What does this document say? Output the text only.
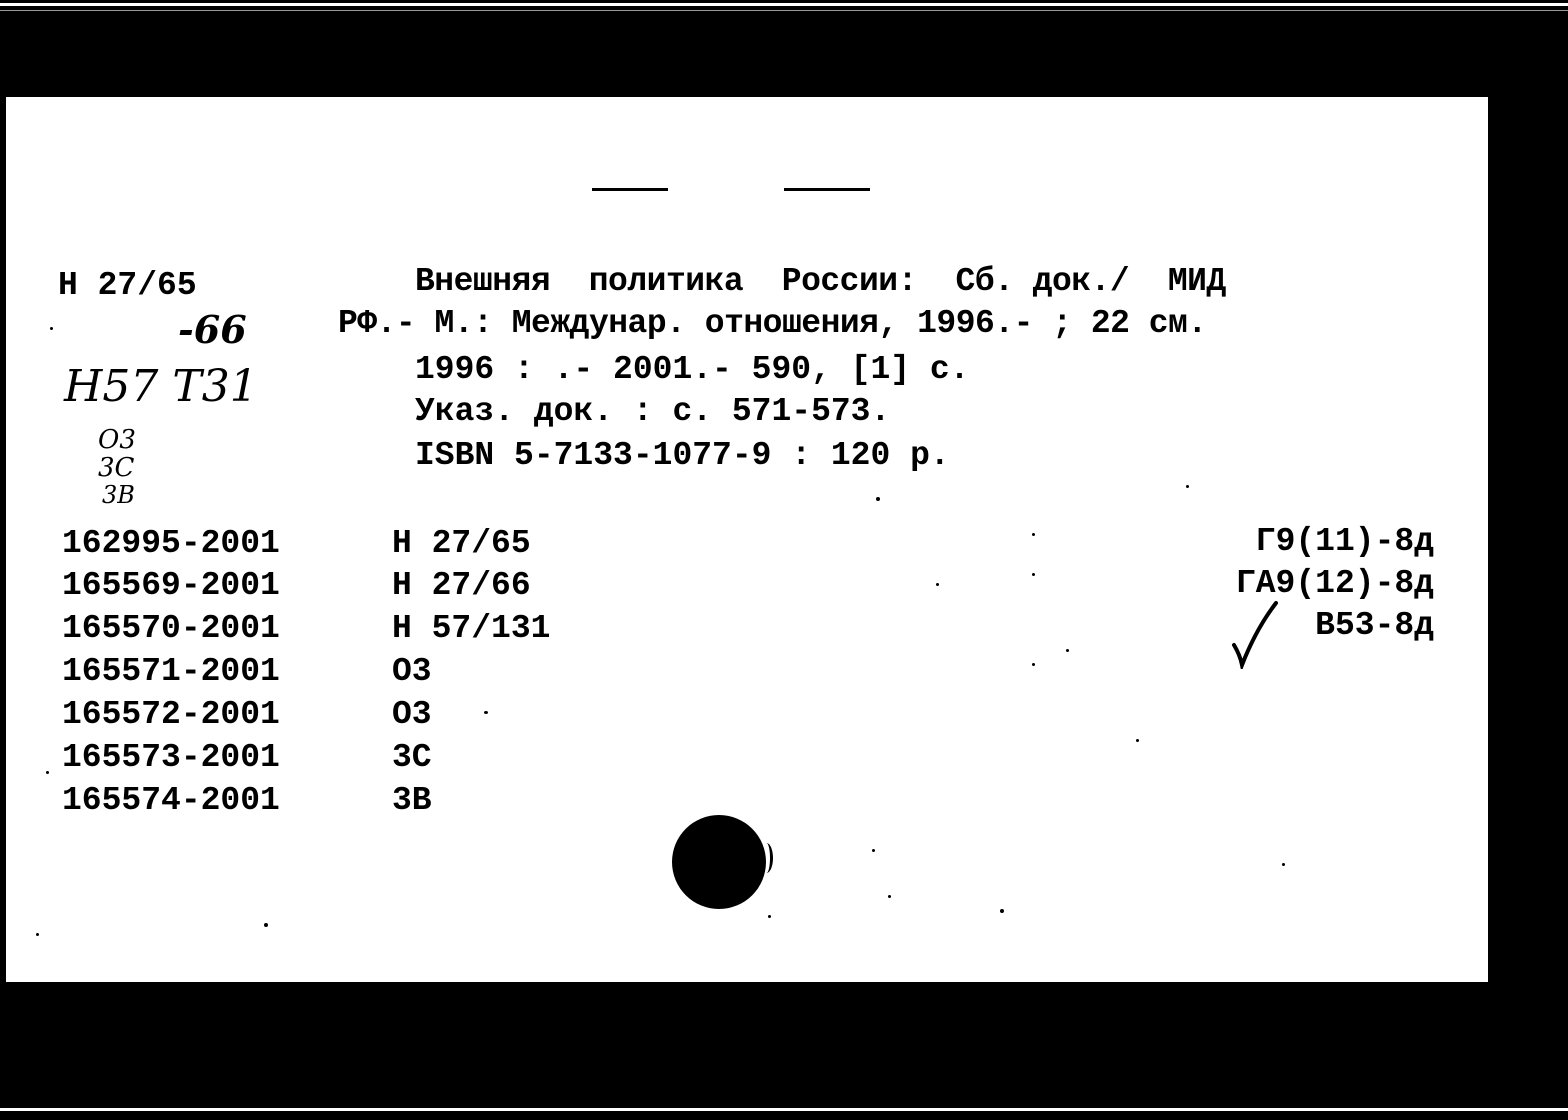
Н 27/65
-66
Н57 Т31
О3
3С
3В
Внешняя  политика  России:  Сб. док./  МИД
РФ.- М.: Междунар. отношения, 1996.- ; 22 см.
1996 : .- 2001.- 590, [1] с.
Указ. док. : с. 571-573.
ISBN 5-7133-1077-9 : 120 р.
162995-2001
165569-2001
165570-2001
165571-2001
165572-2001
165573-2001
165574-2001
Н 27/65
Н 27/66
Н 57/131
О3
О3
3С
3В
Г9(11)-8д
ГА9(12)-8д
В53-8д
